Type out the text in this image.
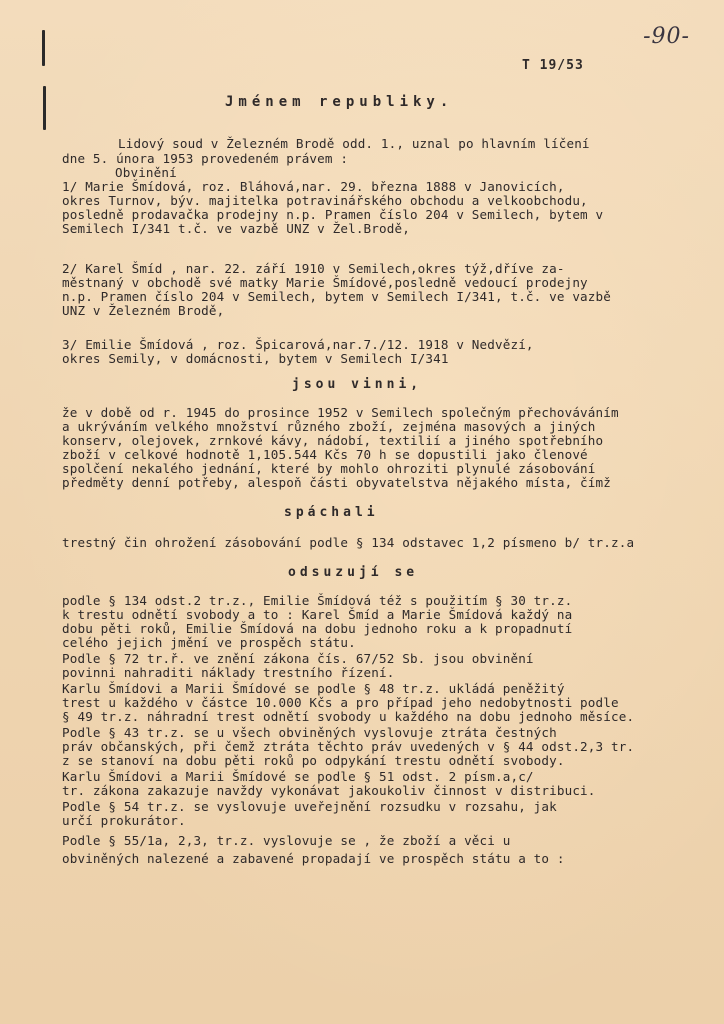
-90-
T 19/53
Jménem republiky.
Lidový soud v Železném Brodě odd. 1., uznal po hlavním líčení
dne 5. února 1953 provedeném právem :
Obvinění
1/ Marie Šmídová, roz. Bláhová,nar. 29. března 1888 v Janovicích,
okres Turnov, býv. majitelka potravinářského obchodu a velkoobchodu,
posledně prodavačka prodejny n.p. Pramen číslo 204 v Semilech, bytem v
Semilech I/341 t.č. ve vazbě UNZ v Žel.Brodě,
2/ Karel Šmíd , nar. 22. září 1910 v Semilech,okres týž,dříve za-
městnaný v obchodě své matky Marie Šmídové,posledně vedoucí prodejny
n.p. Pramen číslo 204 v Semilech, bytem v Semilech I/341, t.č. ve vazbě
UNZ v Železném Brodě,
3/ Emilie Šmídová , roz. Špicarová,nar.7./12. 1918 v Nedvězí,
okres Semily, v domácnosti, bytem v Semilech I/341
jsou vinni,
že v době od r. 1945 do prosince 1952 v Semilech společným přechováváním
a ukrýváním velkého množství různého zboží, zejména masových a jiných
konserv, olejovek, zrnkové kávy, nádobí, textilií a jiného spotřebního
zboží v celkové hodnotě 1,105.544 Kčs 70 h se dopustili jako členové
spolčení nekalého jednání, které by mohlo ohroziti plynulé zásobování
předměty denní potřeby, alespoň části obyvatelstva nějakého místa, čímž
spáchali
trestný čin ohrožení zásobování podle § 134 odstavec 1,2 písmeno b/ tr.z.a
odsuzují se
podle § 134 odst.2 tr.z., Emilie Šmídová též s použitím § 30 tr.z.
k trestu odnětí svobody a to : Karel Šmíd a Marie Šmídová každý na
dobu pěti roků, Emilie Šmídová na dobu jednoho roku a k propadnutí
celého jejich jmění ve prospěch státu.
Podle § 72 tr.ř. ve znění zákona čís. 67/52 Sb. jsou obvinění
povinni nahraditi náklady trestního řízení.
Karlu Šmídovi a Marii Šmídové se podle § 48 tr.z. ukládá peněžitý
trest u každého v částce 10.000 Kčs a pro případ jeho nedobytnosti podle
§ 49 tr.z. náhradní trest odnětí svobody u každého na dobu jednoho měsíce.
Podle § 43 tr.z. se u všech obviněných vyslovuje ztráta čestných
práv občanských, při čemž ztráta těchto práv uvedených v § 44 odst.2,3 tr.
z se stanoví na dobu pěti roků po odpykání trestu odnětí svobody.
Karlu Šmídovi a Marii Šmídové se podle § 51 odst. 2 písm.a,c/
tr. zákona zakazuje navždy vykonávat jakoukoliv činnost v distribuci.
Podle § 54 tr.z. se vyslovuje uveřejnění rozsudku v rozsahu, jak
určí prokurátor.
Podle § 55/1a, 2,3, tr.z. vyslovuje se , že zboží a věci u
obviněných nalezené a zabavené propadají ve prospěch státu a to :
